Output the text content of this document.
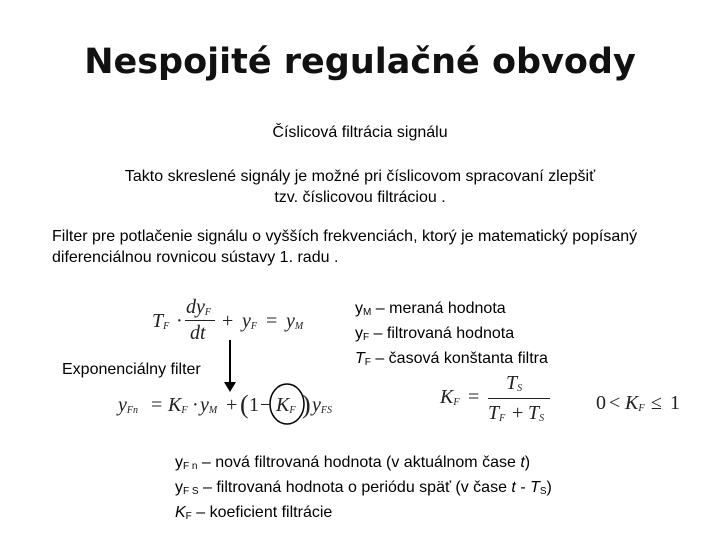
Nespojité regulačné obvody
Číslicová filtrácia signálu
Takto skreslené signály je možné pri číslicovom spracovaní zlepšiť
tzv. číslicovou filtráciou .
Filter pre potlačenie signálu o vyšších frekvenciách, ktorý je matematický popísaný
diferenciálnou rovnicou sústavy 1. radu .
$T_F$ ·
$dy_F$
dt
+ $y_F = y_M$
$y_M$ – meraná hodnota
$y_F$ – filtrovaná hodnota
$T_F$ – časová konštanta filtra
Exponenciálny filter
$y_{Fn} = K_F \cdot y_M$ + ( $1 - K_F$ ) $y_{FS}$
$K_F$ =
$T_S$
$T_F + T_S$
$0 < K_F \le 1$
$y_{F n}$ – nová filtrovaná hodnota (v aktuálnom čase t)
$y_{F S}$ – filtrovaná hodnota o periódu späť (v čase t - $T_S$)
$K_F$ – koeficient filtrácie
